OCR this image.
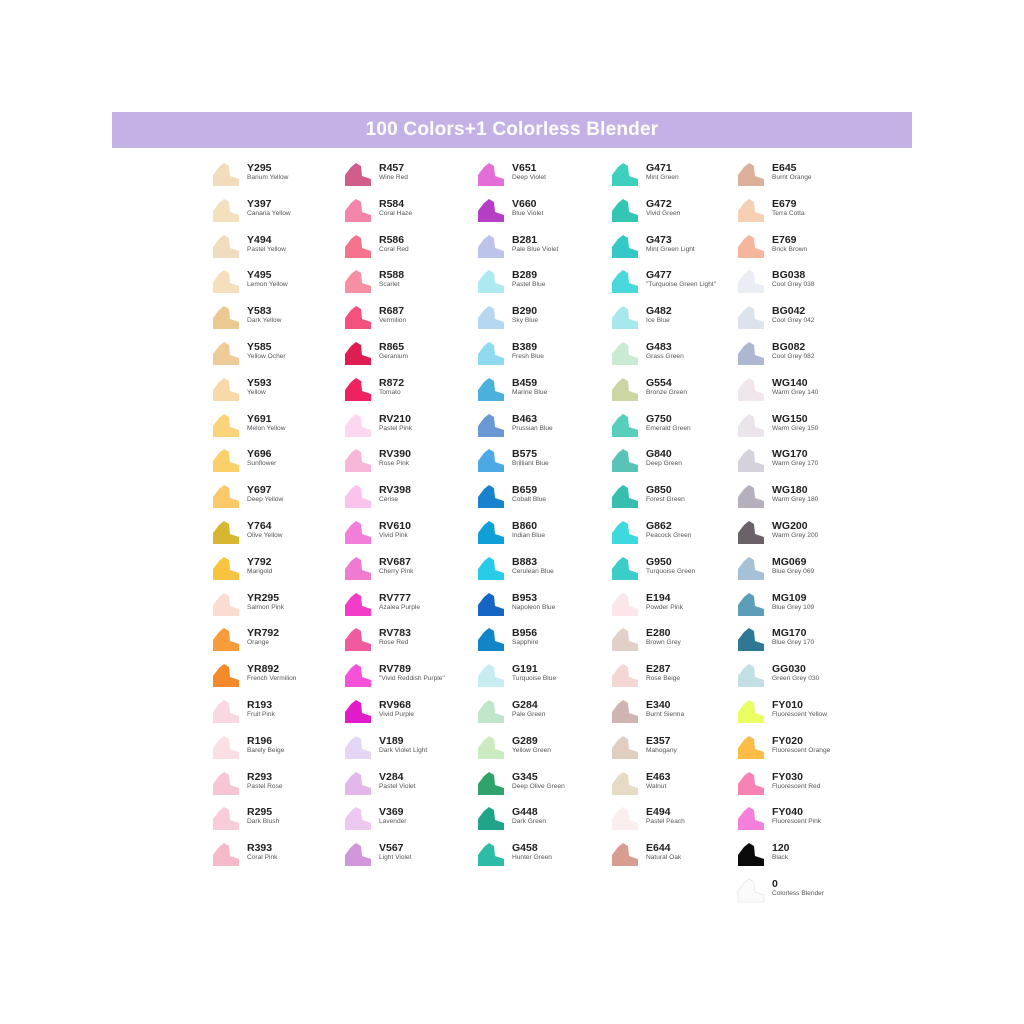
100 Colors+1 Colorless Blender
Y295
Barium Yellow
Y397
Canaria Yellow
Y494
Pastel Yellow
Y495
Lemon Yellow
Y583
Dark Yellow
Y585
Yellow Ocher
Y593
Yellow
Y691
Melon Yellow
Y696
Sunflower
Y697
Deep Yellow
Y764
Olive Yellow
Y792
Marigold
YR295
Salmon Pink
YR792
Orange
YR892
French Vermilion
R193
Fruit Pink
R196
Barely Beige
R293
Pastel Rose
R295
Dark Blush
R393
Coral Pink
R457
Wine Red
R584
Coral Haze
R586
Coral Red
R588
Scarlet
R687
Vermilion
R865
Geranium
R872
Tomato
RV210
Pastel Pink
RV390
Rose Pink
RV398
Cerise
RV610
Vivid Pink
RV687
Cherry Pink
RV777
Azalea Purple
RV783
Rose Red
RV789
"Vivid Reddish Purple"
RV968
Vivid Purple
V189
Dark Violet Light
V284
Pastel Violet
V369
Lavender
V567
Light Violet
V651
Deep Violet
V660
Blue Violet
B281
Pale Blue Violet
B289
Pastel Blue
B290
Sky Blue
B389
Fresh Blue
B459
Marine Blue
B463
Prussian Blue
B575
Brilliant Blue
B659
Cobalt Blue
B860
Indian Blue
B883
Cerulean Blue
B953
Napoleon Blue
B956
Sapphire
G191
Turquoise Blue
G284
Pale Green
G289
Yellow Green
G345
Deep Olive Green
G448
Dark Green
G458
Hunter Green
G471
Mint Green
G472
Vivid Green
G473
Mint Green Light
G477
"Turquoise Green Light"
G482
Ice Blue
G483
Grass Green
G554
Bronze Green
G750
Emerald Green
G840
Deep Green
G850
Forest Green
G862
Peacock Green
G950
Turquoise Green
E194
Powder Pink
E280
Brown Grey
E287
Rose Beige
E340
Burnt Sienna
E357
Mahogany
E463
Walnut
E494
Pastel Peach
E644
Natural Oak
E645
Burnt Orange
E679
Terra Cotta
E769
Brick Brown
BG038
Cool Grey 038
BG042
Cool Grey 042
BG082
Cool Grey 082
WG140
Warm Grey 140
WG150
Warm Grey 150
WG170
Warm Grey 170
WG180
Warm Grey 180
WG200
Warm Grey 200
MG069
Blue Grey 069
MG109
Blue Grey 109
MG170
Blue Grey 170
GG030
Green Grey 030
FY010
Fluorescent Yellow
FY020
Fluorescent Orange
FY030
Fluorescent Red
FY040
Fluorescent Pink
120
Black
0
Colorless Blender
